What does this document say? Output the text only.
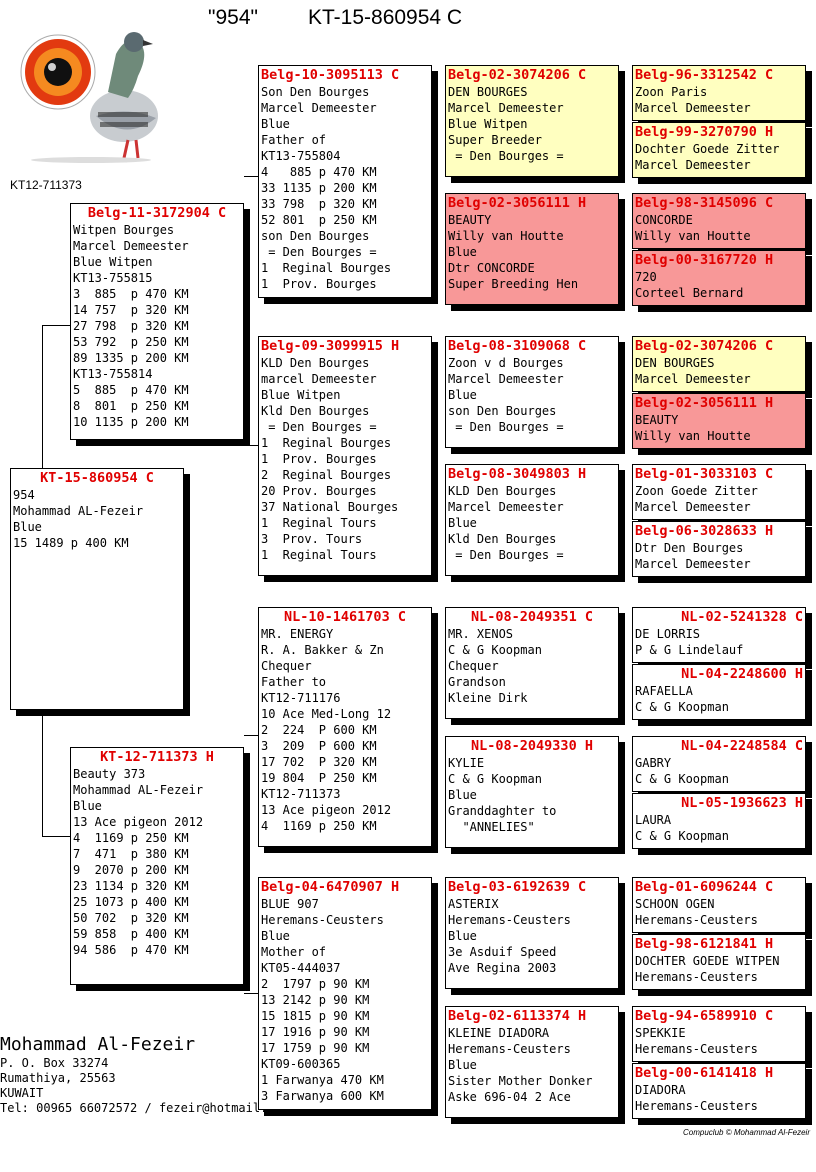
"954" KT-15-860954 C
KT12-711373
KT-15-860954 C
954
Mohammad AL-Fezeir
Blue
15 1489 p 400 KM
Belg-11-3172904 C
Witpen Bourges
Marcel Demeester
Blue Witpen
KT13-755815
3  885  p 470 KM
14 757  p 320 KM
27 798  p 320 KM
53 792  p 250 KM
89 1335 p 200 KM
KT13-755814
5  885  p 470 KM
8  801  p 250 KM
10 1135 p 200 KM
KT-12-711373 H
Beauty 373
Mohammad AL-Fezeir
Blue
13 Ace pigeon 2012
4  1169 p 250 KM
7  471  p 380 KM
9  2070 p 200 KM
23 1134 p 320 KM
25 1073 p 400 KM
50 702  p 320 KM
59 858  p 400 KM
94 586  p 470 KM
Belg-10-3095113 C
Son Den Bourges
Marcel Demeester
Blue
Father of
KT13-755804
4   885 p 470 KM
33 1135 p 200 KM
33 798  p 320 KM
52 801  p 250 KM
son Den Bourges
= Den Bourges =
1  Reginal Bourges
1  Prov. Bourges
Belg-09-3099915 H
KLD Den Bourges
marcel Demeester
Blue Witpen
Kld Den Bourges
= Den Bourges =
1  Reginal Bourges
1  Prov. Bourges
2  Reginal Bourges
20 Prov. Bourges
37 National Bourges
1  Reginal Tours
3  Prov. Tours
1  Reginal Tours
NL-10-1461703 C
MR. ENERGY
R. A. Bakker & Zn
Chequer
Father to
KT12-711176
10 Ace Med-Long 12
2  224  P 600 KM
3  209  P 600 KM
17 702  P 320 KM
19 804  P 250 KM
KT12-711373
13 Ace pigeon 2012
4  1169 p 250 KM
Belg-04-6470907 H
BLUE 907
Heremans-Ceusters
Blue
Mother of
KT05-444037
2  1797 p 90 KM
13 2142 p 90 KM
15 1815 p 90 KM
17 1916 p 90 KM
17 1759 p 90 KM
KT09-600365
1 Farwanya 470 KM
3 Farwanya 600 KM
Belg-02-3074206 C
DEN BOURGES
Marcel Demeester
Blue Witpen
Super Breeder
= Den Bourges =
Belg-02-3056111 H
BEAUTY
Willy van Houtte
Blue
Dtr CONCORDE
Super Breeding Hen
Belg-08-3109068 C
Zoon v d Bourges
Marcel Demeester
Blue
son Den Bourges
= Den Bourges =
Belg-08-3049803 H
KLD Den Bourges
Marcel Demeester
Blue
Kld Den Bourges
= Den Bourges =
NL-08-2049351 C
MR. XENOS
C & G Koopman
Chequer
Grandson
Kleine Dirk
NL-08-2049330 H
KYLIE
C & G Koopman
Blue
Granddaghter to
"ANNELIES"
Belg-03-6192639 C
ASTERIX
Heremans-Ceusters
Blue
3e Asduif Speed
Ave Regina 2003
Belg-02-6113374 H
KLEINE DIADORA
Heremans-Ceusters
Blue
Sister Mother Donker
Aske 696-04 2 Ace
Belg-96-3312542 C
Zoon Paris
Marcel Demeester
Belg-99-3270790 H
Dochter Goede Zitter
Marcel Demeester
Belg-98-3145096 C
CONCORDE
Willy van Houtte
Belg-00-3167720 H
720
Corteel Bernard
Belg-02-3074206 C
DEN BOURGES
Marcel Demeester
Belg-02-3056111 H
BEAUTY
Willy van Houtte
Belg-01-3033103 C
Zoon Goede Zitter
Marcel Demeester
Belg-06-3028633 H
Dtr Den Bourges
Marcel Demeester
NL-02-5241328 C
DE LORRIS
P & G Lindelauf
NL-04-2248600 H
RAFAELLA
C & G Koopman
NL-04-2248584 C
GABRY
C & G Koopman
NL-05-1936623 H
LAURA
C & G Koopman
Belg-01-6096244 C
SCHOON OGEN
Heremans-Ceusters
Belg-98-6121841 H
DOCHTER GOEDE WITPEN
Heremans-Ceusters
Belg-94-6589910 C
SPEKKIE
Heremans-Ceusters
Belg-00-6141418 H
DIADORA
Heremans-Ceusters
Mohammad Al-Fezeir
P. O. Box 33274
Rumathiya, 25563
KUWAIT
Tel: 00965 66072572 / fezeir@hotmail.
Compuclub © Mohammad Al-Fezeir
